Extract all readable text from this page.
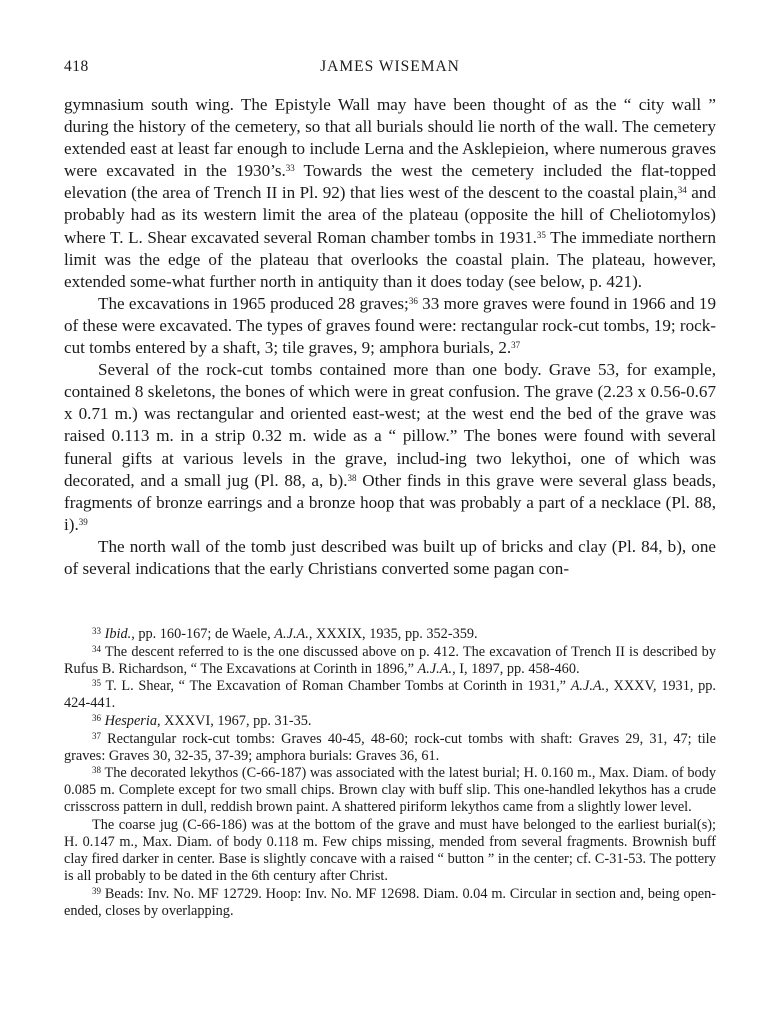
418	JAMES WISEMAN

gymnasium south wing. The Epistyle Wall may have been thought of as the “ city wall ” during the history of the cemetery, so that all burials should lie north of the wall. The cemetery extended east at least far enough to include Lerna and the Asklepieion, where numerous graves were excavated in the 1930’s.$^{33}$ Towards the west the cemetery included the flat-topped elevation (the area of Trench II in Pl. 92) that lies west of the descent to the coastal plain,$^{34}$ and probably had as its western limit the area of the plateau (opposite the hill of Cheliotomylos) where T. L. Shear excavated several Roman chamber tombs in 1931.35 The immediate northern limit was the edge of the plateau that overlooks the coastal plain. The plateau, however, extended some-what further north in antiquity than it does today (see below, p. 421).

The excavations in 1965 produced 28 graves;$^{36}$ 33 more graves were found in 1966 and 19 of these were excavated. The types of graves found were: rectangular rock-cut tombs, 19; rock-cut tombs entered by a shaft, 3; tile graves, 9; amphora burials, 2.37

Several of the rock-cut tombs contained more than one body. Grave 53, for example, contained 8 skeletons, the bones of which were in great confusion. The grave (2.23 x 0.56-0.67 x 0.71 m.) was rectangular and oriented east-west; at the west end the bed of the grave was raised 0.113 m. in a strip 0.32 m. wide as a “ pillow.” The bones were found with several funeral gifts at various levels in the grave, includ-ing two lekythoi, one of which was decorated, and a small jug (Pl. 88, a, b).$^{38}$ Other finds in this grave were several glass beads, fragments of bronze earrings and a bronze hoop that was probably a part of a necklace (Pl. 88, i).$^{39}$

The north wall of the tomb just described was built up of bricks and clay (Pl. 84, b), one of several indications that the early Christians converted some pagan con-

$^{33}$ Ibid., pp. 160-167; de Waele, A.J.A., XXXIX, 1935, pp. 352-359.

$^{34}$ The descent referred to is the one discussed above on p. 412. The excavation of Trench II is described by Rufus B. Richardson, “ The Excavations at Corinth in 1896,” A.J.A., I, 1897, pp. 458-460.

$^{35}$ T. L. Shear, “ The Excavation of Roman Chamber Tombs at Corinth in 1931,” A.J.A., XXXV, 1931, pp. 424-441.

$^{36}$ Hesperia, XXXVI, 1967, pp. 31-35.

$^{37}$ Rectangular rock-cut tombs: Graves 40-45, 48-60; rock-cut tombs with shaft: Graves 29, 31, 47; tile graves: Graves 30, 32-35, 37-39; amphora burials: Graves 36, 61.

$^{38}$ The decorated lekythos (C-66-187) was associated with the latest burial; H. 0.160 m., Max. Diam. of body 0.085 m. Complete except for two small chips. Brown clay with buff slip. This one-handled lekythos has a crude crisscross pattern in dull, reddish brown paint. A shattered piriform lekythos came from a slightly lower level.

The coarse jug (C-66-186) was at the bottom of the grave and must have belonged to the earliest burial(s); H. 0.147 m., Max. Diam. of body 0.118 m. Few chips missing, mended from several fragments. Brownish buff clay fired darker in center. Base is slightly concave with a raised “ button ” in the center; cf. C-31-53. The pottery is all probably to be dated in the 6th century after Christ.

$^{39}$ Beads: Inv. No. MF 12729. Hoop: Inv. No. MF 12698. Diam. 0.04 m. Circular in section and, being open-ended, closes by overlapping.
